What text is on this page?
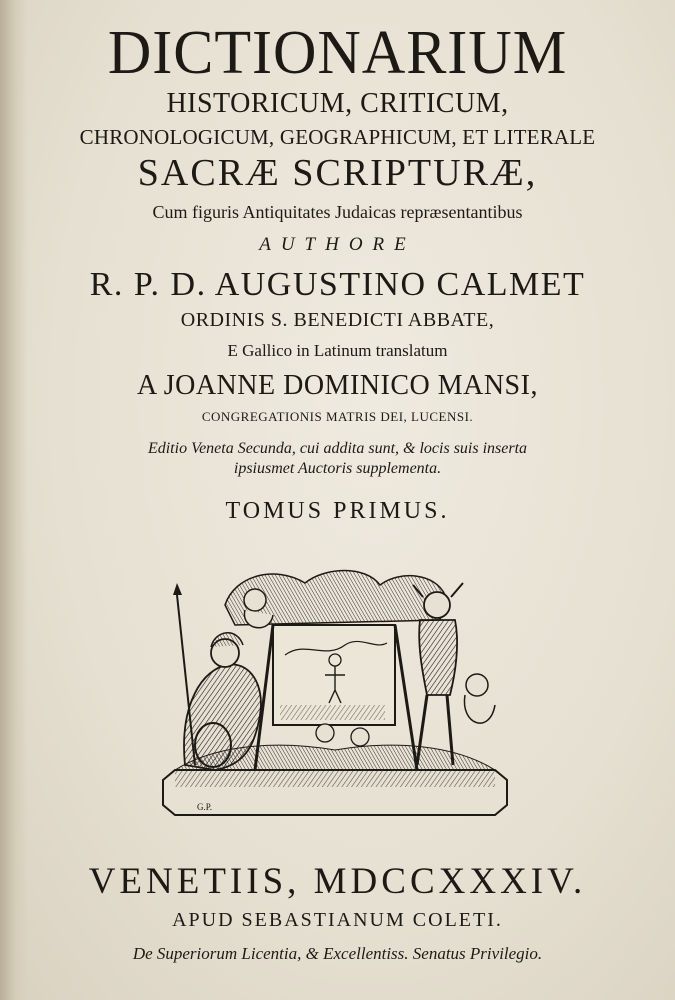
DICTIONARIUM
HISTORICUM, CRITICUM,
CHRONOLOGICUM, GEOGRAPHICUM, ET LITERALE
SACRÆ SCRIPTURÆ,
Cum figuris Antiquitates Judaicas repræsentantibus
AUTHORE
R. P. D. AUGUSTINO CALMET
ORDINIS S. BENEDICTI ABBATE,
E Gallico in Latinum translatum
A JOANNE DOMINICO MANSI,
CONGREGATIONIS MATRIS DEI, LUCENSI.
Editio Veneta Secunda, cui addita sunt, & locis suis inserta
ipsiusmet Auctoris supplementa.
TOMUS PRIMUS.
G.P.
VENETIIS, MDCCXXXIV.
APUD SEBASTIANUM COLETI.
De Superiorum Licentia, & Excellentiss. Senatus Privilegio.
